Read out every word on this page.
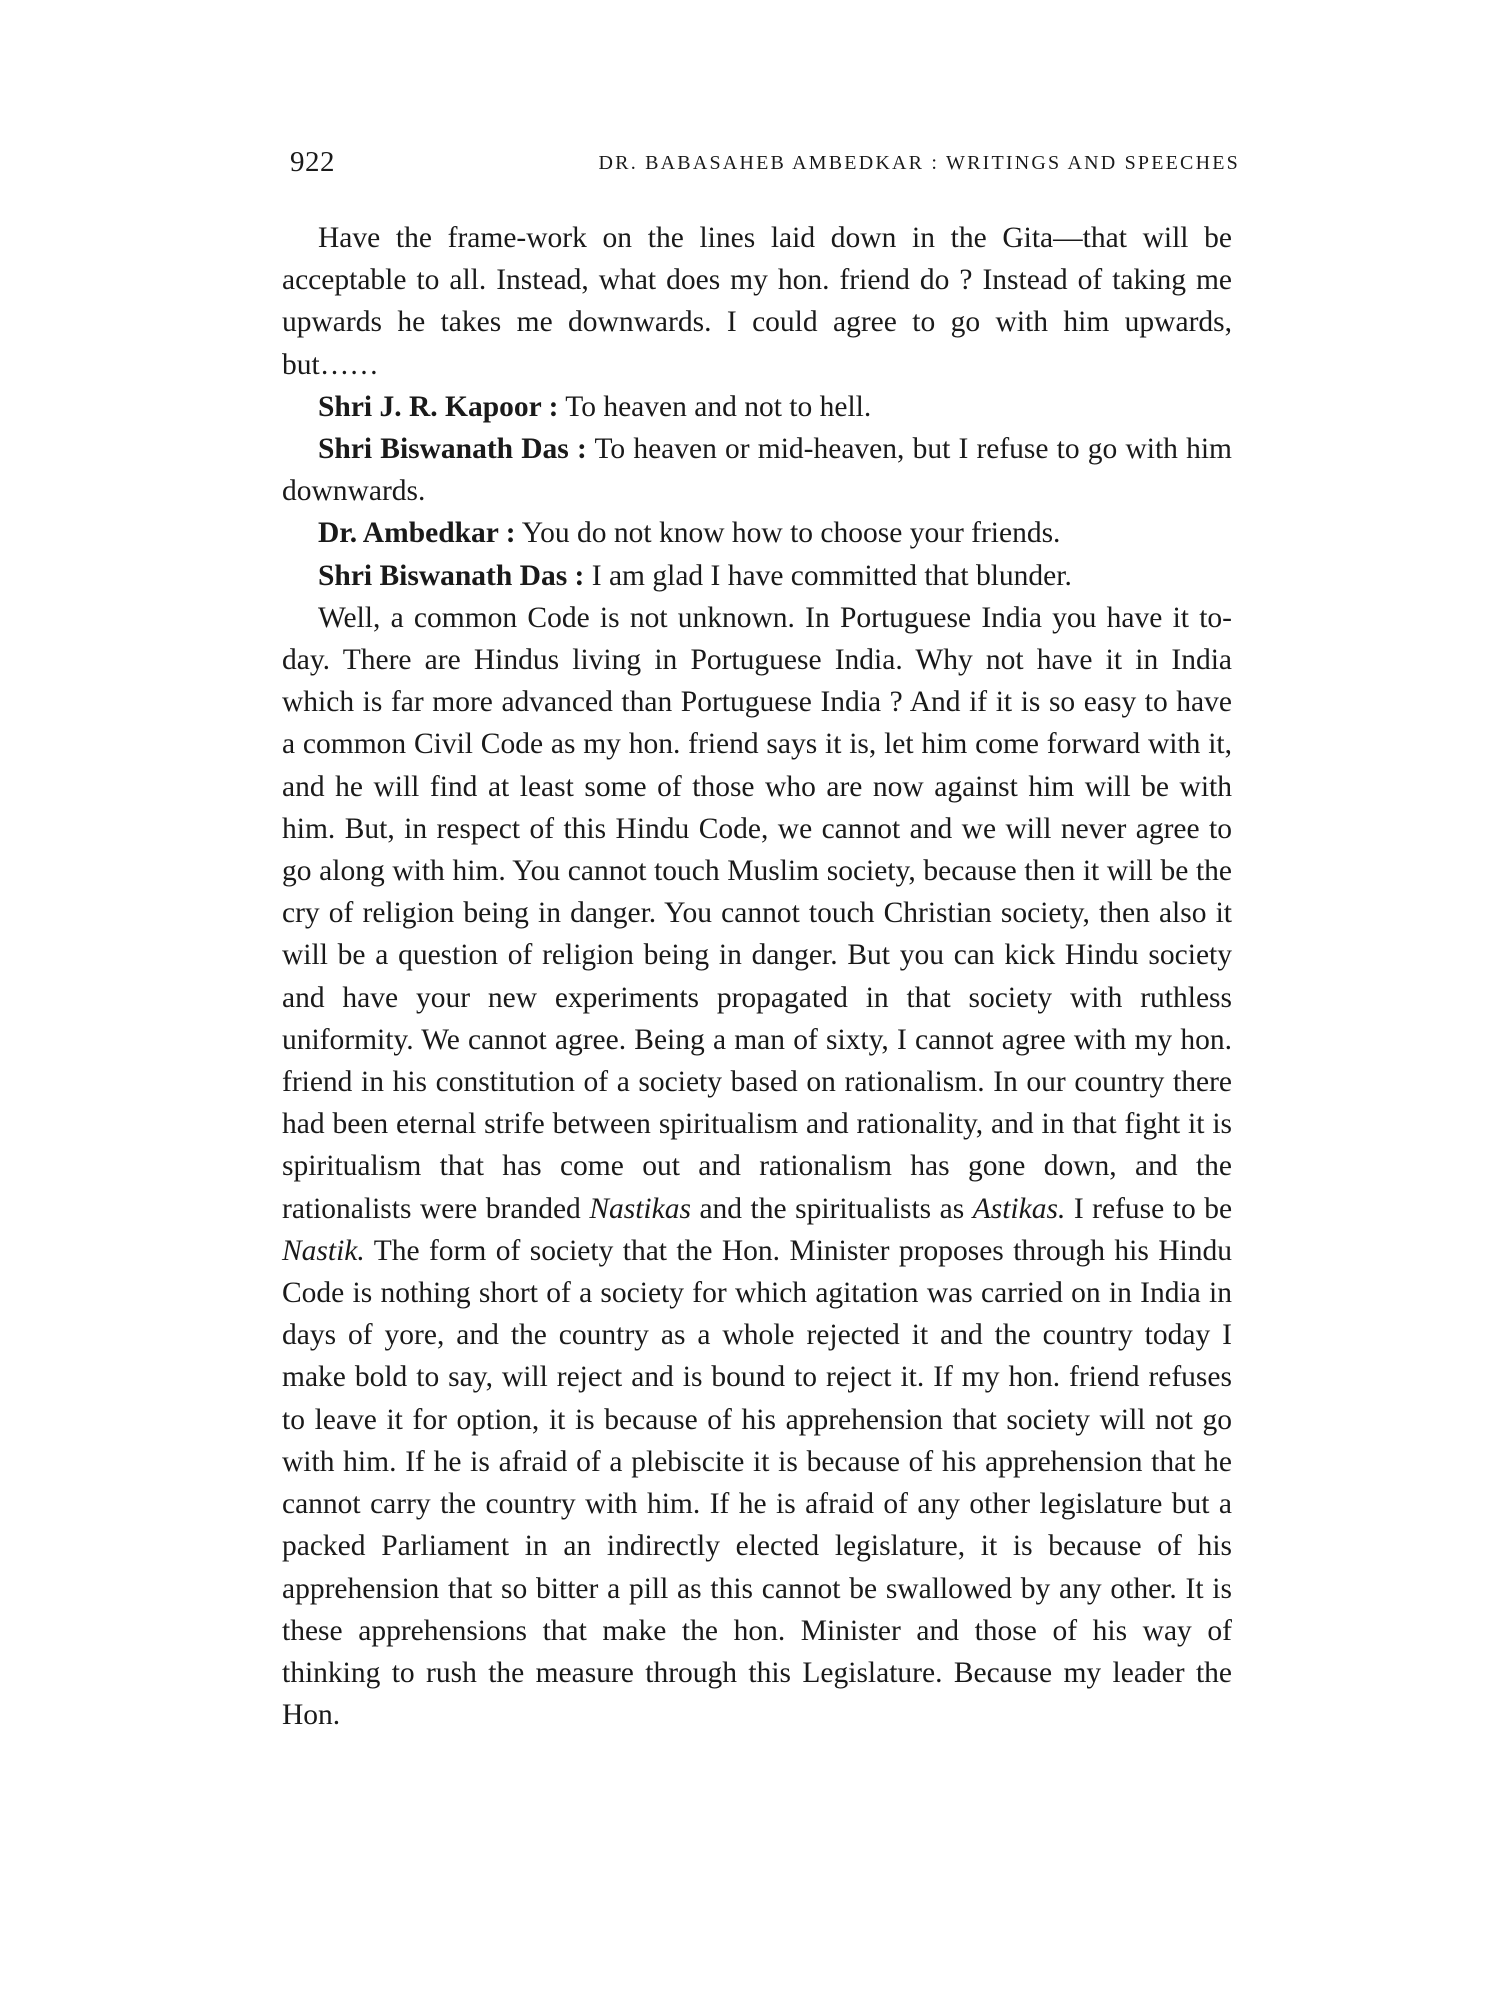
922	DR. BABASAHEB AMBEDKAR : WRITINGS AND SPEECHES

Have the frame-work on the lines laid down in the Gita—that will be acceptable to all. Instead, what does my hon. friend do ? Instead of taking me upwards he takes me downwards. I could agree to go with him upwards, but……

Shri J. R. Kapoor : To heaven and not to hell.

Shri Biswanath Das : To heaven or mid-heaven, but I refuse to go with him downwards.

Dr. Ambedkar : You do not know how to choose your friends.

Shri Biswanath Das : I am glad I have committed that blunder.

Well, a common Code is not unknown. In Portuguese India you have it to-day. There are Hindus living in Portuguese India. Why not have it in India which is far more advanced than Portuguese India ? And if it is so easy to have a common Civil Code as my hon. friend says it is, let him come forward with it, and he will find at least some of those who are now against him will be with him. But, in respect of this Hindu Code, we cannot and we will never agree to go along with him. You cannot touch Muslim society, because then it will be the cry of religion being in danger. You cannot touch Christian society, then also it will be a question of religion being in danger. But you can kick Hindu society and have your new experiments propagated in that society with ruthless uniformity. We cannot agree. Being a man of sixty, I cannot agree with my hon. friend in his constitution of a society based on rationalism. In our country there had been eternal strife between spiritualism and rationality, and in that fight it is spiritualism that has come out and rationalism has gone down, and the rationalists were branded Nastikas and the spiritualists as Astikas. I refuse to be Nastik. The form of society that the Hon. Minister proposes through his Hindu Code is nothing short of a society for which agitation was carried on in India in days of yore, and the country as a whole rejected it and the country today I make bold to say, will reject and is bound to reject it. If my hon. friend refuses to leave it for option, it is because of his apprehension that society will not go with him. If he is afraid of a plebiscite it is because of his apprehension that he cannot carry the country with him. If he is afraid of any other legislature but a packed Parliament in an indirectly elected legislature, it is because of his apprehension that so bitter a pill as this cannot be swallowed by any other. It is these apprehensions that make the hon. Minister and those of his way of thinking to rush the measure through this Legislature. Because my leader the Hon.
